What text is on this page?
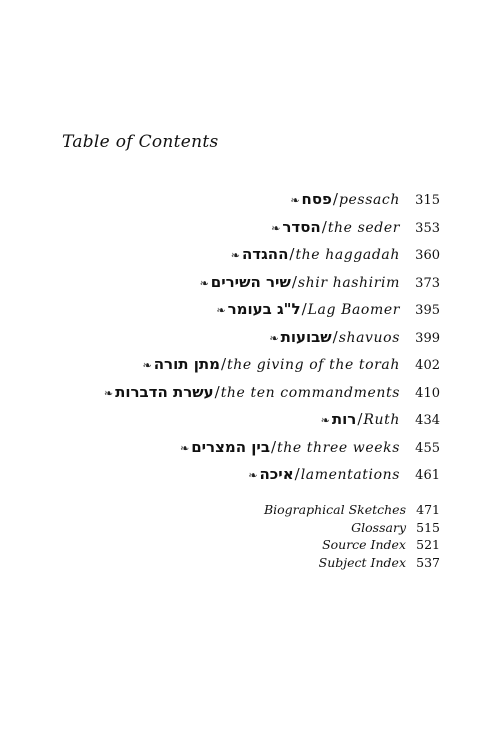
Table of Contents
❧ פסח / pessach	315
❧ הסדר / the seder	353
❧ ההגדה / the haggadah	360
❧ שיר השירים / shir hashirim	373
❧ ל"ג בעומר / Lag Baomer	395
❧ שבועות / shavuos	399
❧ מתן תורה / the giving of the torah	402
❧ עשרת הדברות / the ten commandments	410
❧ רות / Ruth	434
❧ בין המצרים / the three weeks	455
❧ איכה / lamentations	461
Biographical Sketches 471
Glossary 515
Source Index 521
Subject Index 537
